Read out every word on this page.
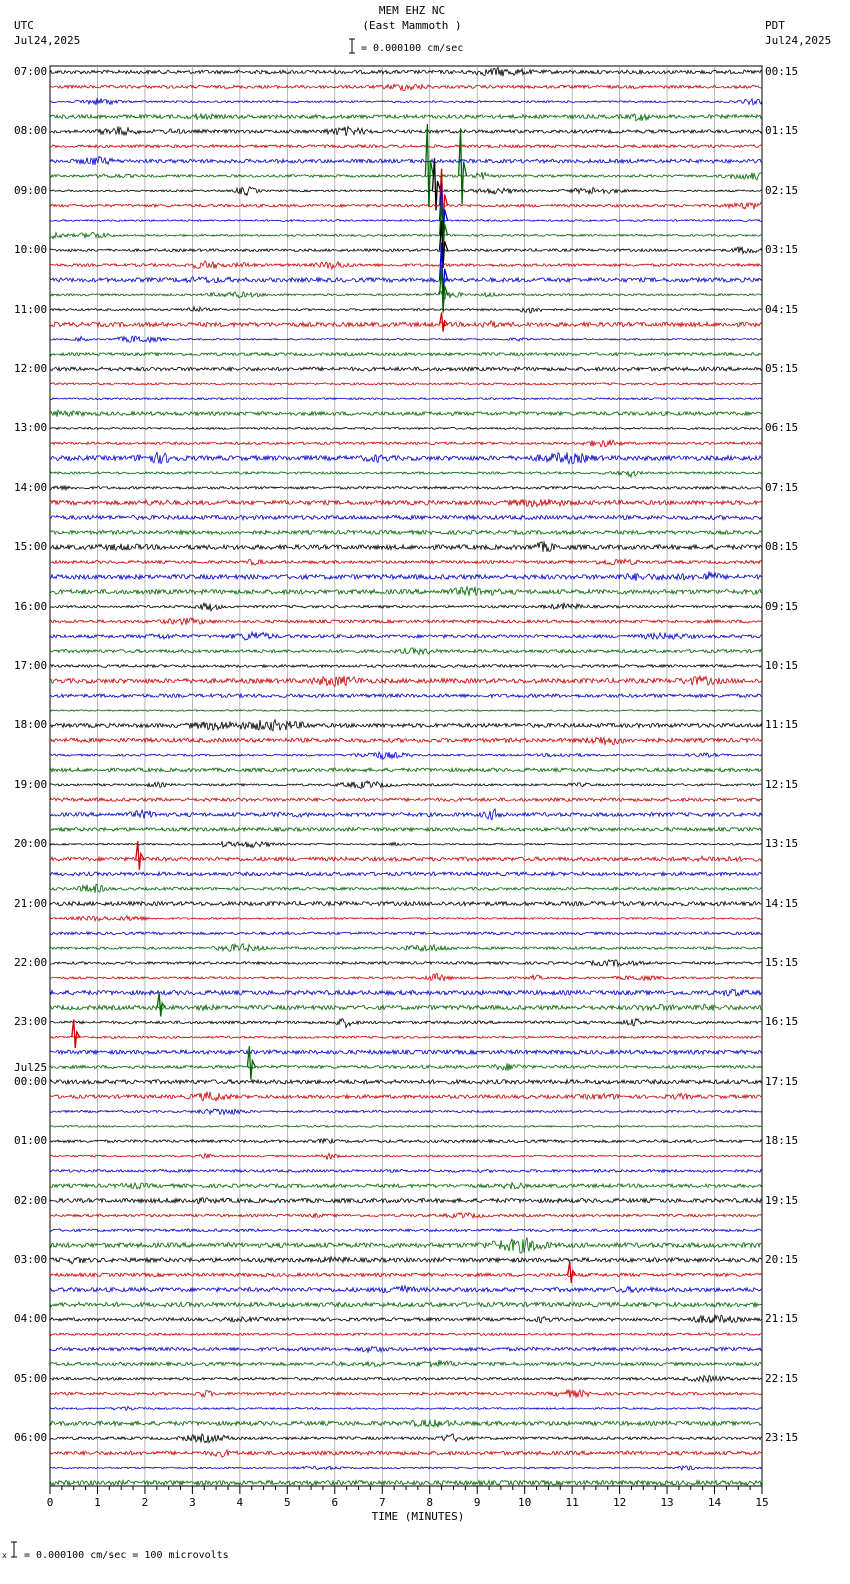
MEM EHZ NC
(East Mammoth )
= 0.000100 cm/sec
UTC
Jul24,2025
PDT
Jul24,2025
0	1	2	3	4	5	6	7	8	9	10	11	12	13	14	15
x
07:00
08:00
09:00
10:00
11:00
12:00
13:00
14:00
15:00
16:00
17:00
18:00
19:00
20:00
21:00
22:00
23:00
Jul25
00:00
01:00
02:00
03:00
04:00
05:00
06:00
00:15
01:15
02:15
03:15
04:15
05:15
06:15
07:15
08:15
09:15
10:15
11:15
12:15
13:15
14:15
15:15
16:15
17:15
18:15
19:15
20:15
21:15
22:15
23:15
TIME (MINUTES)
= 0.000100 cm/sec = 100 microvolts
